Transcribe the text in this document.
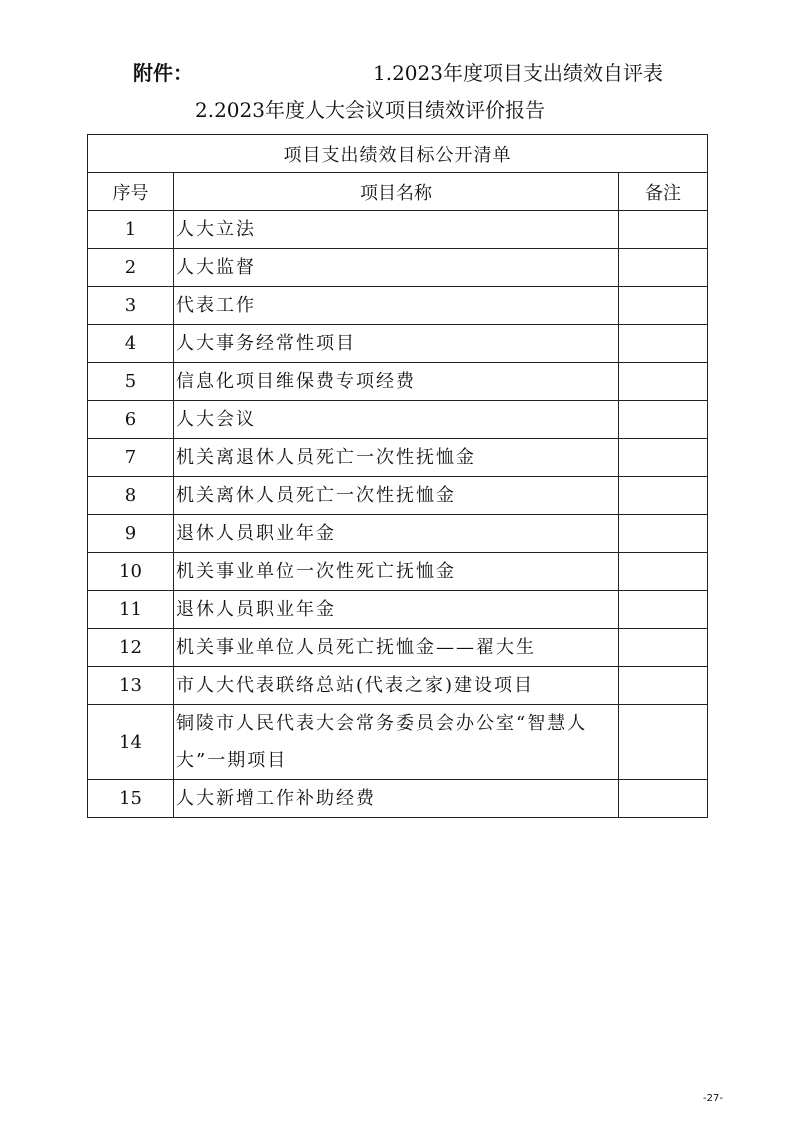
附件：	1.2023年度项目支出绩效自评表
2.2023年度人大会议项目绩效评价报告
项目支出绩效目标公开清单		
序号	项目名称	备注
1	人大立法	
2	人大监督	
3	代表工作	
4	人大事务经常性项目	
5	信息化项目维保费专项经费	
6	人大会议	
7	机关离退休人员死亡一次性抚恤金	
8	机关离休人员死亡一次性抚恤金	
9	退休人员职业年金	
10	机关事业单位一次性死亡抚恤金	
11	退休人员职业年金	
12	机关事业单位人员死亡抚恤金——翟大生	
13	市人大代表联络总站(代表之家)建设项目	
14	铜陵市人民代表大会常务委员会办公室“智慧人大”一期项目	
15	人大新增工作补助经费	
-27-
